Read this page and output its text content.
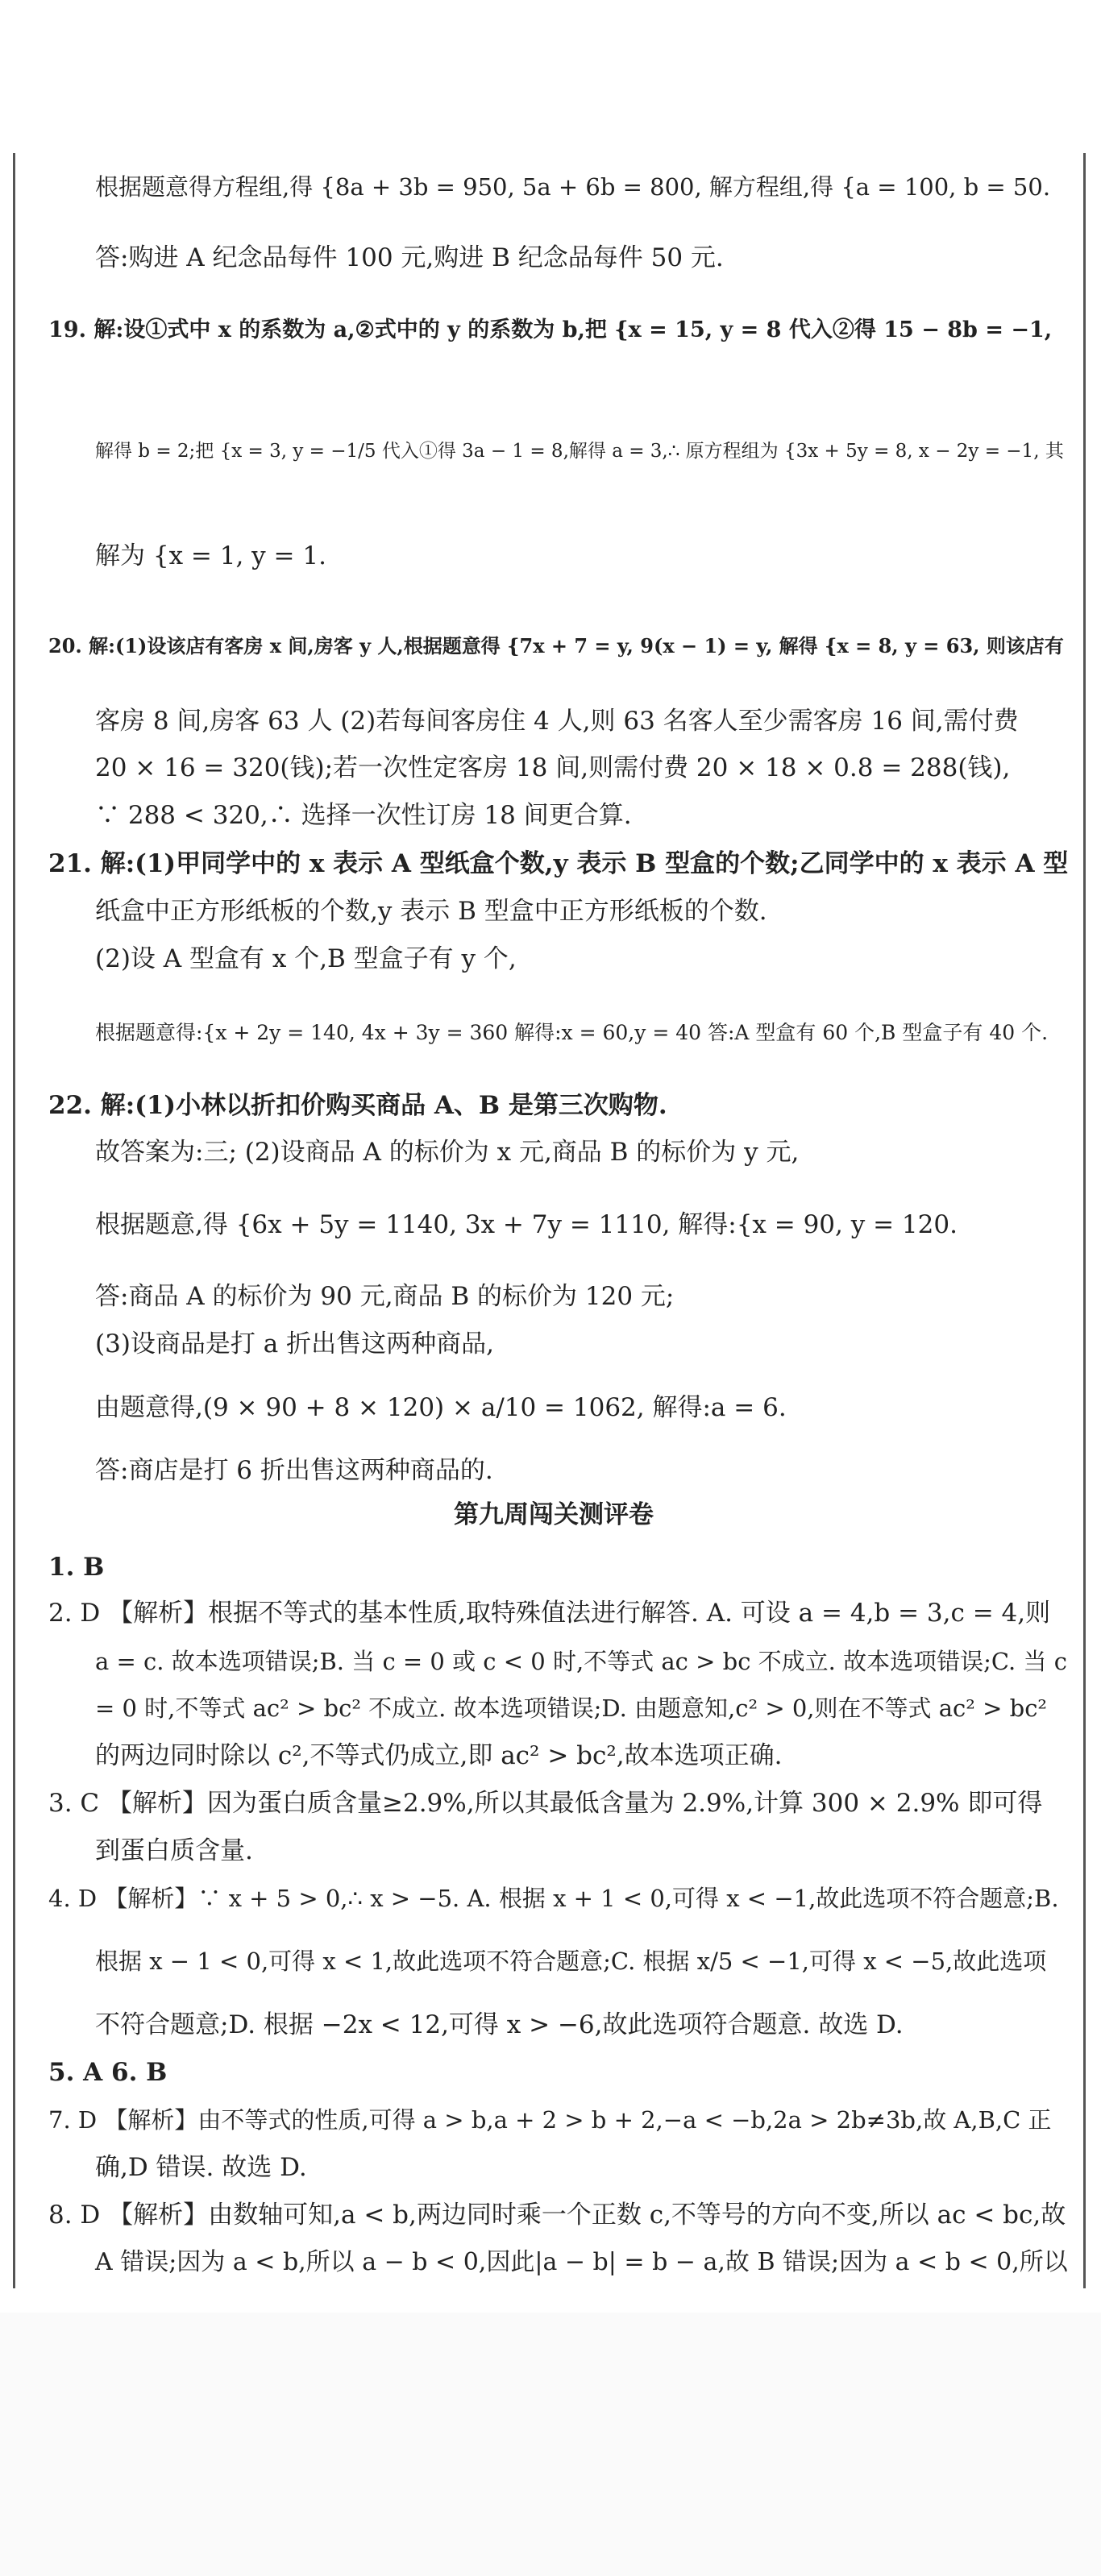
根据题意得方程组,得 {8a + 3b = 950, 5a + 6b = 800, 解方程组,得 {a = 100, b = 50.
答:购进 A 纪念品每件 100 元,购进 B 纪念品每件 50 元.
19. 解:设①式中 x 的系数为 a,②式中的 y 的系数为 b,把 {x = 15, y = 8 代入②得 15 − 8b = −1,
解得 b = 2;把 {x = 3, y = −1/5 代入①得 3a − 1 = 8,解得 a = 3,∴ 原方程组为 {3x + 5y = 8, x − 2y = −1, 其
解为 {x = 1, y = 1.
20. 解:(1)设该店有客房 x 间,房客 y 人,根据题意得 {7x + 7 = y, 9(x − 1) = y, 解得 {x = 8, y = 63, 则该店有
客房 8 间,房客 63 人 (2)若每间客房住 4 人,则 63 名客人至少需客房 16 间,需付费
20 × 16 = 320(钱);若一次性定客房 18 间,则需付费 20 × 18 × 0.8 = 288(钱),
∵ 288 < 320,∴ 选择一次性订房 18 间更合算.
21. 解:(1)甲同学中的 x 表示 A 型纸盒个数,y 表示 B 型盒的个数;乙同学中的 x 表示 A 型
纸盒中正方形纸板的个数,y 表示 B 型盒中正方形纸板的个数.
(2)设 A 型盒有 x 个,B 型盒子有 y 个,
根据题意得:{x + 2y = 140, 4x + 3y = 360 解得:x = 60,y = 40 答:A 型盒有 60 个,B 型盒子有 40 个.
22. 解:(1)小林以折扣价购买商品 A、B 是第三次购物.
故答案为:三; (2)设商品 A 的标价为 x 元,商品 B 的标价为 y 元,
根据题意,得 {6x + 5y = 1140, 3x + 7y = 1110, 解得:{x = 90, y = 120.
答:商品 A 的标价为 90 元,商品 B 的标价为 120 元;
(3)设商品是打 a 折出售这两种商品,
由题意得,(9 × 90 + 8 × 120) × a/10 = 1062, 解得:a = 6.
答:商店是打 6 折出售这两种商品的.
第九周闯关测评卷
1. B
2. D 【解析】根据不等式的基本性质,取特殊值法进行解答. A. 可设 a = 4,b = 3,c = 4,则
a = c. 故本选项错误;B. 当 c = 0 或 c < 0 时,不等式 ac > bc 不成立. 故本选项错误;C. 当 c
= 0 时,不等式 ac² > bc² 不成立. 故本选项错误;D. 由题意知,c² > 0,则在不等式 ac² > bc²
的两边同时除以 c²,不等式仍成立,即 ac² > bc²,故本选项正确.
3. C 【解析】因为蛋白质含量≥2.9%,所以其最低含量为 2.9%,计算 300 × 2.9% 即可得
到蛋白质含量.
4. D 【解析】∵ x + 5 > 0,∴ x > −5. A. 根据 x + 1 < 0,可得 x < −1,故此选项不符合题意;B.
根据 x − 1 < 0,可得 x < 1,故此选项不符合题意;C. 根据 x/5 < −1,可得 x < −5,故此选项
不符合题意;D. 根据 −2x < 12,可得 x > −6,故此选项符合题意. 故选 D.
5. A 6. B
7. D 【解析】由不等式的性质,可得 a > b,a + 2 > b + 2,−a < −b,2a > 2b≠3b,故 A,B,C 正
确,D 错误. 故选 D.
8. D 【解析】由数轴可知,a < b,两边同时乘一个正数 c,不等号的方向不变,所以 ac < bc,故
A 错误;因为 a < b,所以 a − b < 0,因此|a − b| = b − a,故 B 错误;因为 a < b < 0,所以
